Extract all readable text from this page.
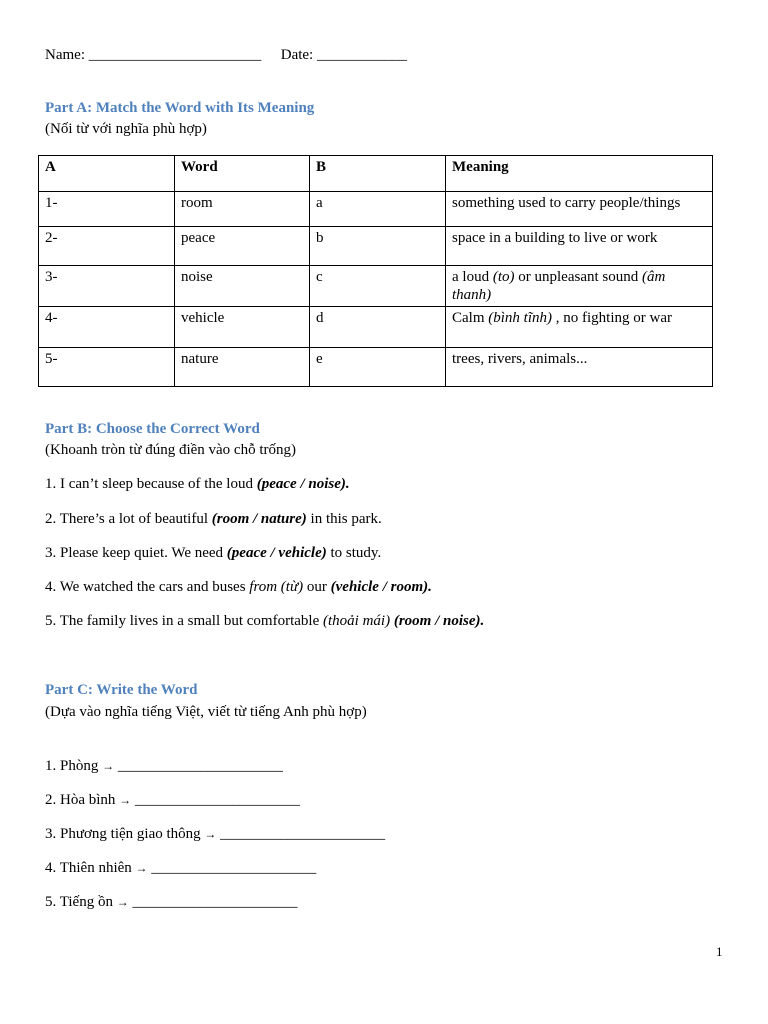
Name: _______________________ Date: ____________
Part A: Match the Word with Its Meaning
(Nối từ với nghĩa phù hợp)
A	Word	B	Meaning
1-	room	a	something used to carry people/things
2-	peace	b	space in a building to live or work
3-	noise	c	a loud (to) or unpleasant sound (âm thanh)
4-	vehicle	d	Calm (bình tĩnh) , no fighting or war
5-	nature	e	trees, rivers, animals...
Part B: Choose the Correct Word
(Khoanh tròn từ đúng điền vào chỗ trống)
1. I can’t sleep because of the loud (peace / noise).
2. There’s a lot of beautiful (room / nature) in this park.
3. Please keep quiet. We need (peace / vehicle) to study.
4. We watched the cars and buses from (từ) our (vehicle / room).
5. The family lives in a small but comfortable (thoải mái) (room / noise).
Part C: Write the Word
(Dựa vào nghĩa tiếng Việt, viết từ tiếng Anh phù hợp)
1. Phòng → ______________________
2. Hòa bình → ______________________
3. Phương tiện giao thông → ______________________
4. Thiên nhiên → ______________________
5. Tiếng ồn → ______________________
1
